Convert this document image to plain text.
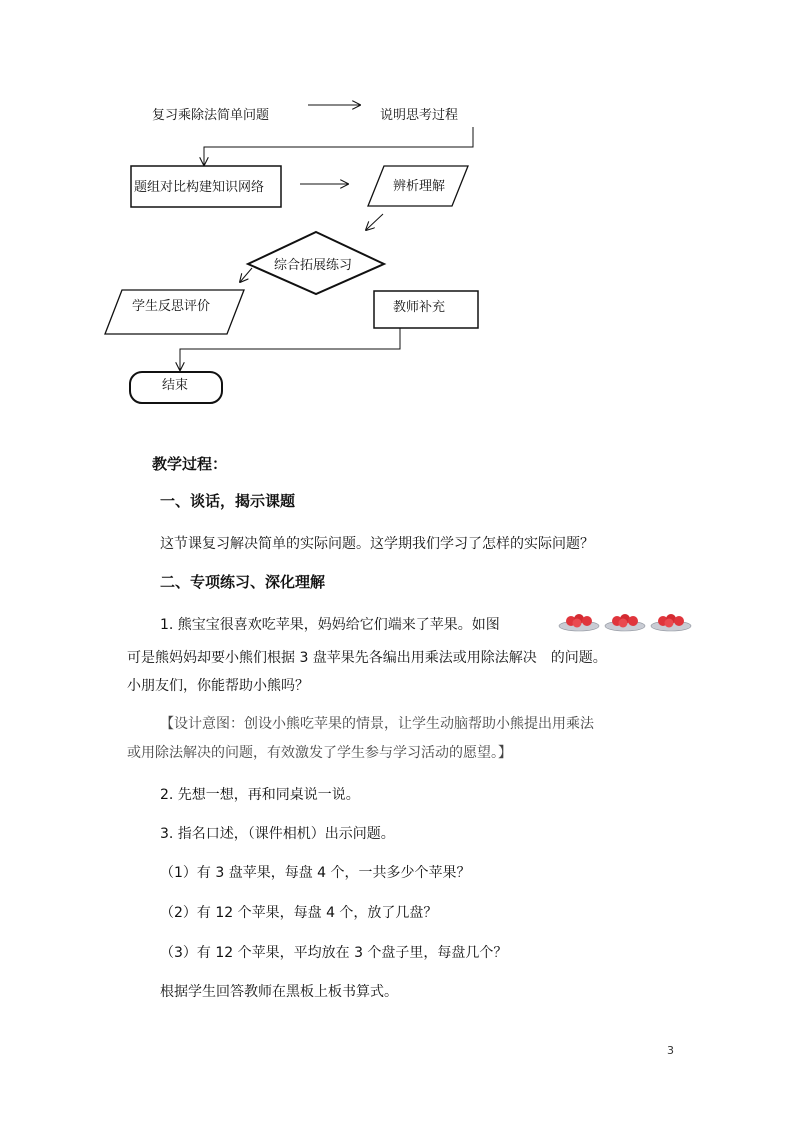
复习乘除法简单问题	说明思考过程
题组对比构建知识网络	辨析理解
综合拓展练习
学生反思评价	教师补充
结束
教学过程：
一、谈话，揭示课题
这节课复习解决简单的实际问题。这学期我们学习了怎样的实际问题？
二、专项练习、深化理解
1. 熊宝宝很喜欢吃苹果，妈妈给它们端来了苹果。如图
可是熊妈妈却要小熊们根据 3 盘苹果先各编出用乘法或用除法解决　的问题。
小朋友们，你能帮助小熊吗？
【设计意图：创设小熊吃苹果的情景，让学生动脑帮助小熊提出用乘法
或用除法解决的问题，有效激发了学生参与学习活动的愿望。】
2. 先想一想，再和同桌说一说。
3. 指名口述，（课件相机）出示问题。
（1）有 3 盘苹果，每盘 4 个，一共多少个苹果？
（2）有 12 个苹果，每盘 4 个，放了几盘？
（3）有 12 个苹果，平均放在 3 个盘子里，每盘几个？
根据学生回答教师在黑板上板书算式。
3
